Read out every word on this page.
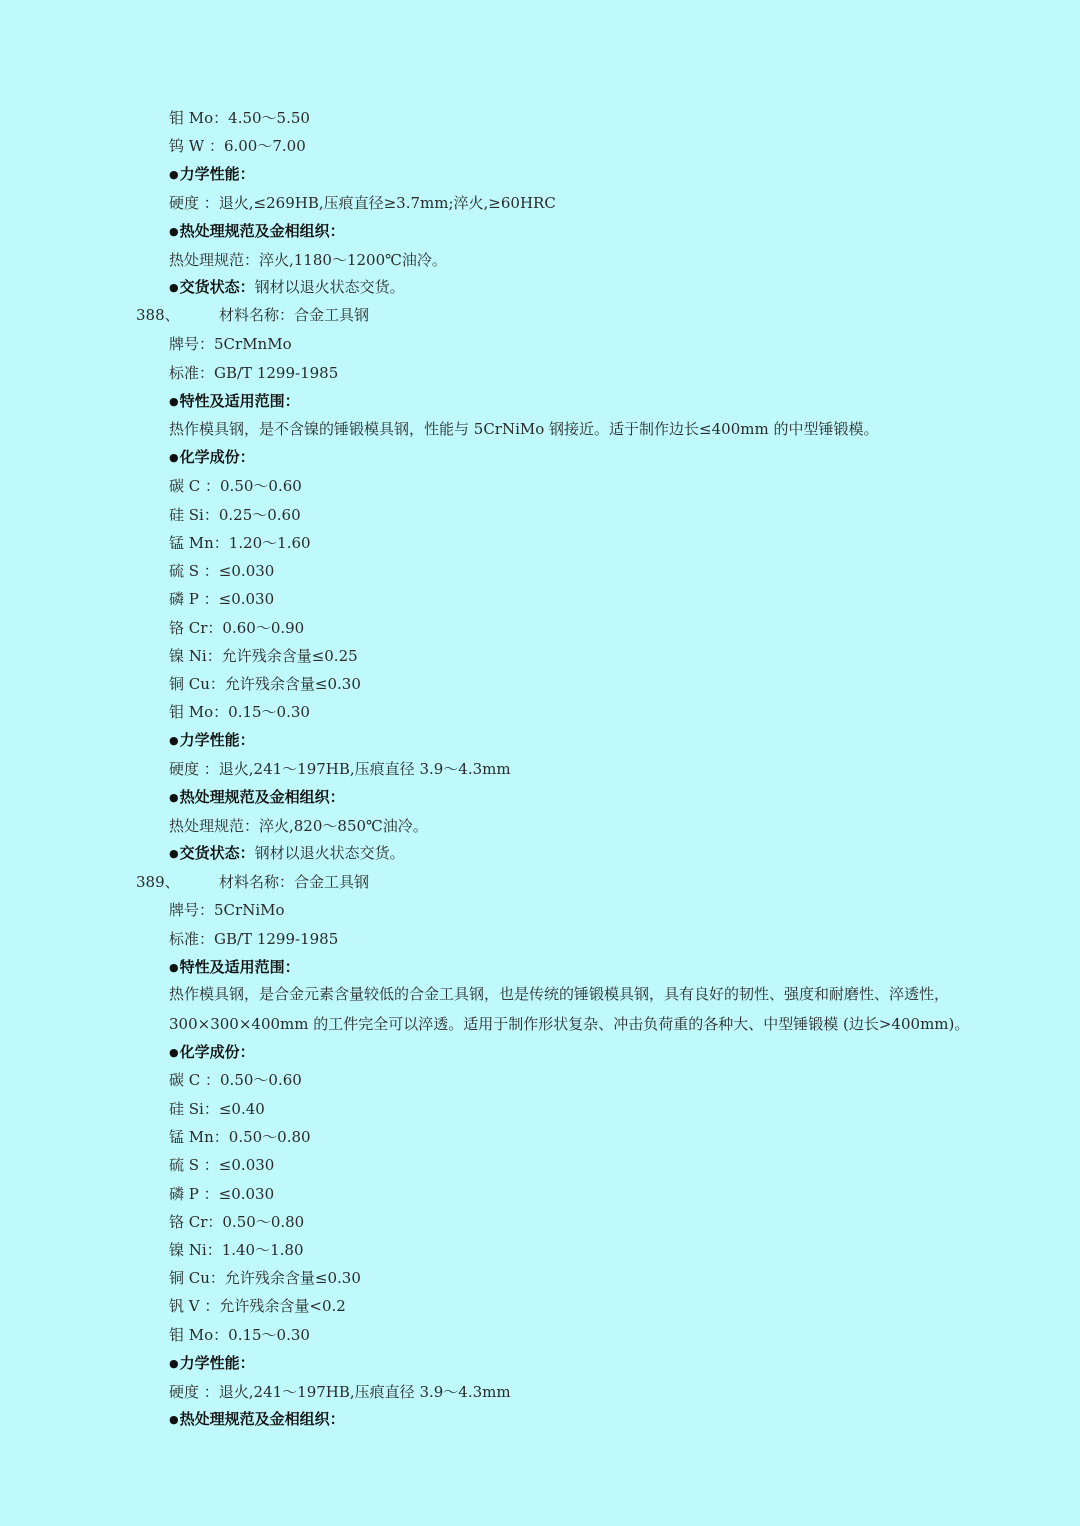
钼 Mo：4.50～5.50
钨 W ：6.00～7.00
●力学性能：
硬度 ：退火,≤269HB,压痕直径≥3.7mm;淬火,≥60HRC
●热处理规范及金相组织：
热处理规范：淬火,1180～1200℃油冷。
●交货状态：钢材以退火状态交货。
388、	材料名称：合金工具钢
牌号：5CrMnMo
标准：GB/T 1299-1985
●特性及适用范围：
热作模具钢，是不含镍的锤锻模具钢，性能与 5CrNiMo 钢接近。适于制作边长≤400mm 的中型锤锻模。
●化学成份：
碳 C ：0.50～0.60
硅 Si：0.25～0.60
锰 Mn：1.20～1.60
硫 S ：≤0.030
磷 P ：≤0.030
铬 Cr：0.60～0.90
镍 Ni：允许残余含量≤0.25
铜 Cu：允许残余含量≤0.30
钼 Mo：0.15～0.30
●力学性能：
硬度 ：退火,241～197HB,压痕直径 3.9～4.3mm
●热处理规范及金相组织：
热处理规范：淬火,820～850℃油冷。
●交货状态：钢材以退火状态交货。
389、	材料名称：合金工具钢
牌号：5CrNiMo
标准：GB/T 1299-1985
●特性及适用范围：
热作模具钢，是合金元素含量较低的合金工具钢，也是传统的锤锻模具钢，具有良好的韧性、强度和耐磨性、淬透性，
300×300×400mm 的工件完全可以淬透。适用于制作形状复杂、冲击负荷重的各种大、中型锤锻模 (边长>400mm)。
●化学成份：
碳 C ：0.50～0.60
硅 Si：≤0.40
锰 Mn：0.50～0.80
硫 S ：≤0.030
磷 P ：≤0.030
铬 Cr：0.50～0.80
镍 Ni：1.40～1.80
铜 Cu：允许残余含量≤0.30
钒 V ：允许残余含量<0.2
钼 Mo：0.15～0.30
●力学性能：
硬度 ：退火,241～197HB,压痕直径 3.9～4.3mm
●热处理规范及金相组织：
